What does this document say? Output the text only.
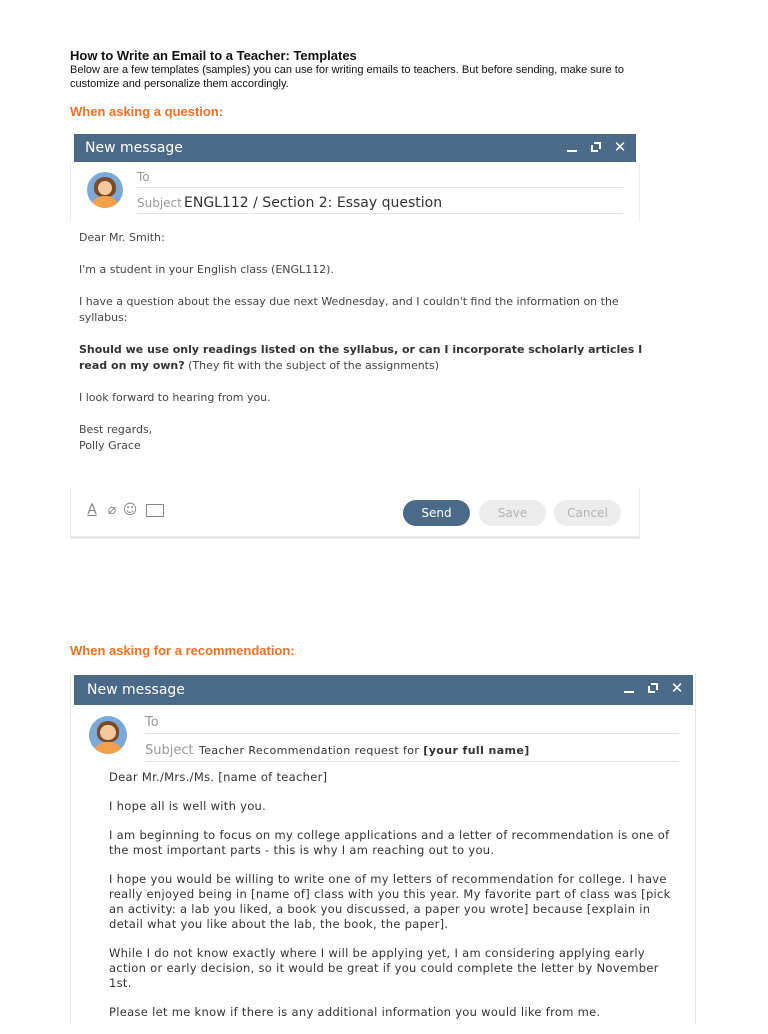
How to Write an Email to a Teacher: Templates
Below are a few templates (samples) you can use for writing emails to teachers. But before sending, make sure to customize and personalize them accordingly.
When asking a question:
New message	✕
To
Subject ENGL112 / Section 2: Essay question

Dear Mr. Smith:

I'm a student in your English class (ENGL112).

I have a question about the essay due next Wednesday, and I couldn't find the information on the syllabus:

Should we use only readings listed on the syllabus, or can I incorporate scholarly articles I read on my own? (They fit with the subject of the assignments)

I look forward to hearing from you.

Best regards,
Polly Grace

A ⌀ ☺	Send	Save	Cancel
When asking for a recommendation:
New message	✕
To
Subject Teacher Recommendation request for [your full name]

Dear Mr./Mrs./Ms. [name of teacher]

I hope all is well with you.

I am beginning to focus on my college applications and a letter of recommendation is one of the most important parts - this is why I am reaching out to you.

I hope you would be willing to write one of my letters of recommendation for college. I have really enjoyed being in [name of] class with you this year. My favorite part of class was [pick an activity: a lab you liked, a book you discussed, a paper you wrote] because [explain in detail what you like about the lab, the book, the paper].

While I do not know exactly where I will be applying yet, I am considering applying early action or early decision, so it would be great if you could complete the letter by November 1st.

Please let me know if there is any additional information you would like from me.
